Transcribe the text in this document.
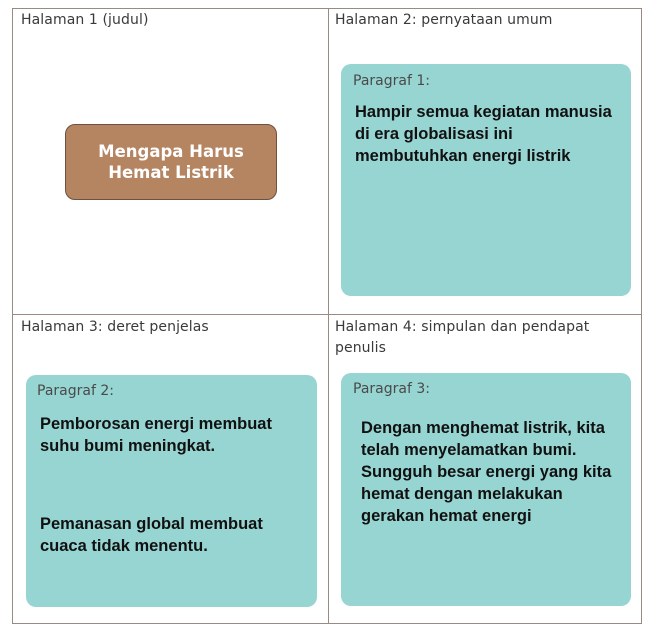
Halaman 1 (judul)
Mengapa Harus Hemat Listrik
Halaman 2: pernyataan umum
Paragraf 1:
Hampir semua kegiatan manusia di era globalisasi ini membutuhkan energi listrik
Halaman 3: deret penjelas
Paragraf 2:
Pemborosan energi membuat suhu bumi meningkat.
Pemanasan global membuat cuaca tidak menentu.
Halaman 4: simpulan dan pendapat penulis
Paragraf 3:
Dengan menghemat listrik, kita telah menyelamatkan bumi. Sungguh besar energi yang kita hemat dengan melakukan gerakan hemat energi
